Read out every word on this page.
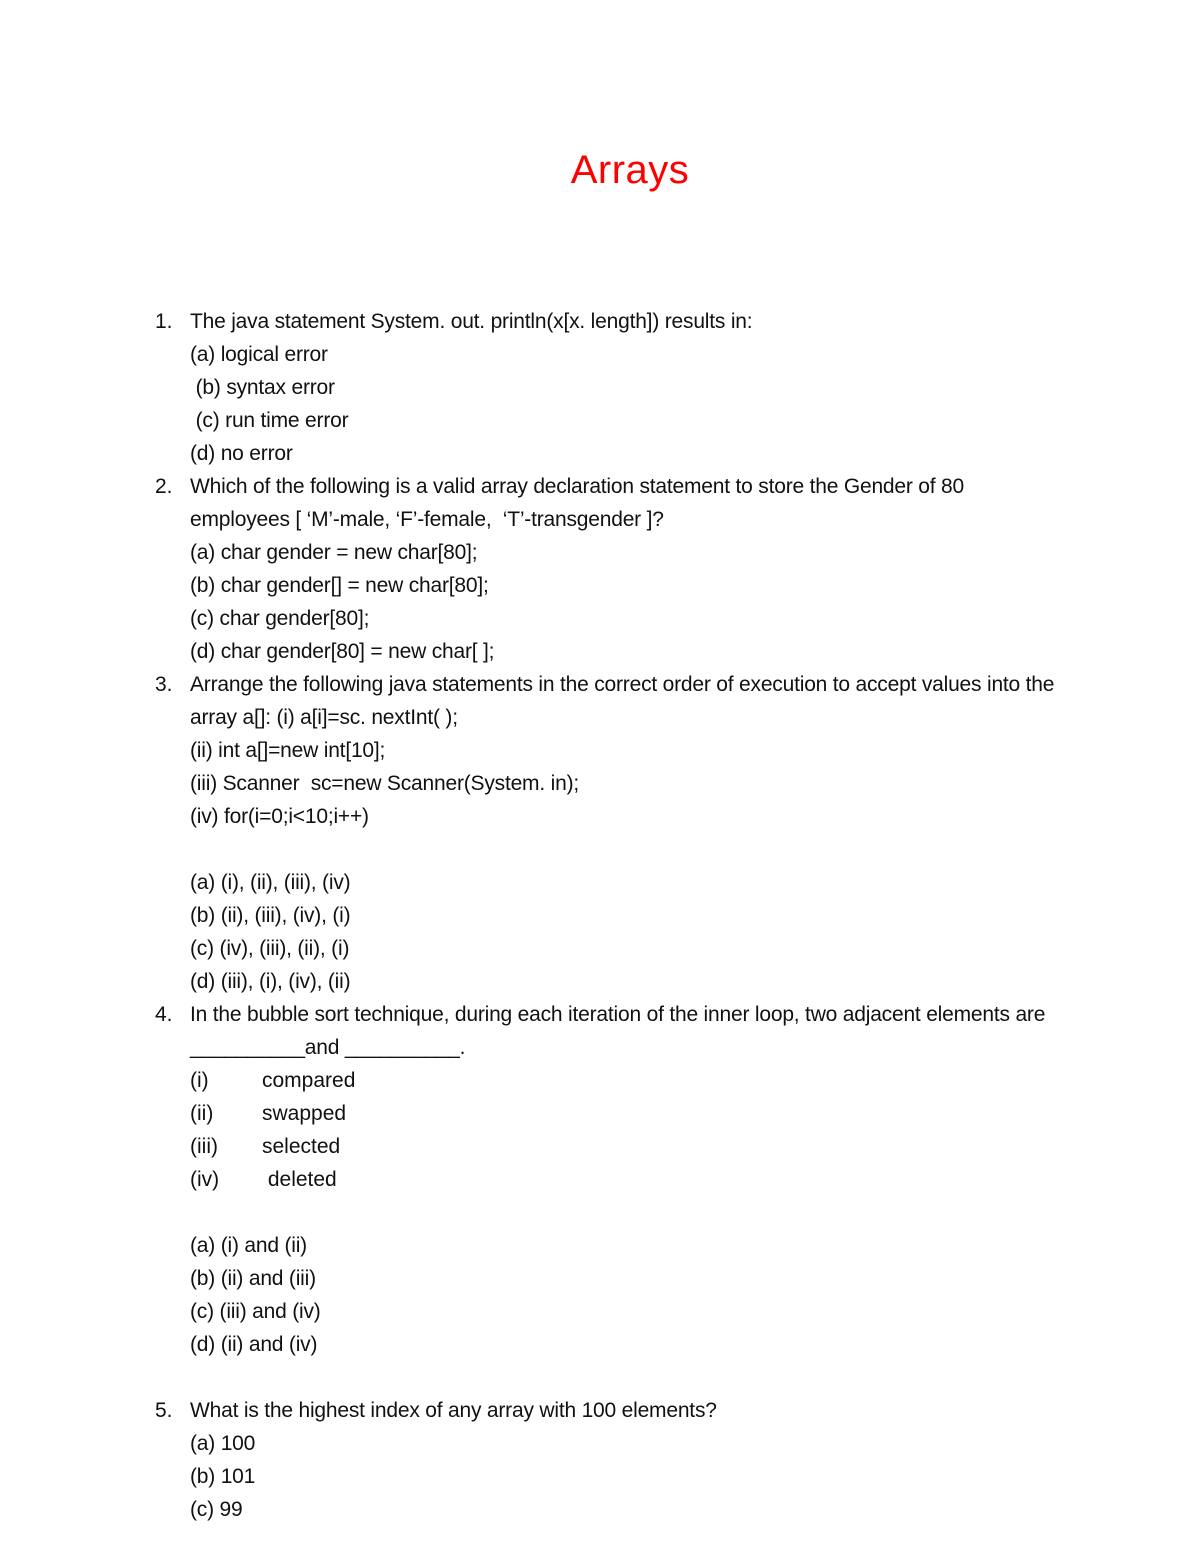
Arrays
1. The java statement System. out. println(x[x. length]) results in:
(a) logical error
(b) syntax error
(c) run time error
(d) no error
2. Which of the following is a valid array declaration statement to store the Gender of 80
employees [ ‘M’-male, ‘F’-female,  ‘T’-transgender ]?
(a) char gender = new char[80];
(b) char gender[] = new char[80];
(c) char gender[80];
(d) char gender[80] = new char[ ];
3. Arrange the following java statements in the correct order of execution to accept values into the
array a[]: (i) a[i]=sc. nextInt( );
(ii) int a[]=new int[10];
(iii) Scanner  sc=new Scanner(System. in);
(iv) for(i=0;i<10;i++)
(a) (i), (ii), (iii), (iv)
(b) (ii), (iii), (iv), (i)
(c) (iv), (iii), (ii), (i)
(d) (iii), (i), (iv), (ii)
4. In the bubble sort technique, during each iteration of the inner loop, two adjacent elements are
__________and __________.
(i)	compared
(ii) swapped
(iii) selected
(iv) deleted
(a) (i) and (ii)
(b) (ii) and (iii)
(c) (iii) and (iv)
(d) (ii) and (iv)
5. What is the highest index of any array with 100 elements?
(a) 100
(b) 101
(c) 99
